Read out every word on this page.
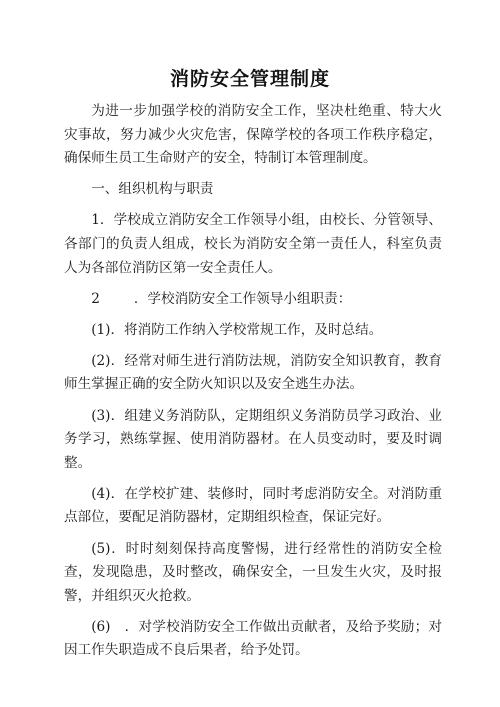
消防安全管理制度

为进一步加强学校的消防安全工作，坚决杜绝重、特大火灾事故，努力减少火灾危害，保障学校的各项工作秩序稳定，确保师生员工生命财产的安全，特制订本管理制度。

一、组织机构与职责

1．学校成立消防安全工作领导小组，由校长、分管领导、各部门的负责人组成，校长为消防安全第一责任人，科室负责人为各部位消防区第一安全责任人。

2	．学校消防安全工作领导小组职责：

(1)．将消防工作纳入学校常规工作，及时总结。

(2)．经常对师生进行消防法规，消防安全知识教育，教育师生掌握正确的安全防火知识以及安全逃生办法。

(3)．组建义务消防队，定期组织义务消防员学习政治、业务学习，熟练掌握、使用消防器材。在人员变动时，要及时调整。

(4)．在学校扩建、装修时，同时考虑消防安全。对消防重点部位，要配足消防器材，定期组织检查，保证完好。

(5)．时时刻刻保持高度警惕，进行经常性的消防安全检查，发现隐患，及时整改，确保安全，一旦发生火灾，及时报警，并组织灭火抢救。

(6) ．对学校消防安全工作做出贡献者，及给予奖励；对因工作失职造成不良后果者，给予处罚。
